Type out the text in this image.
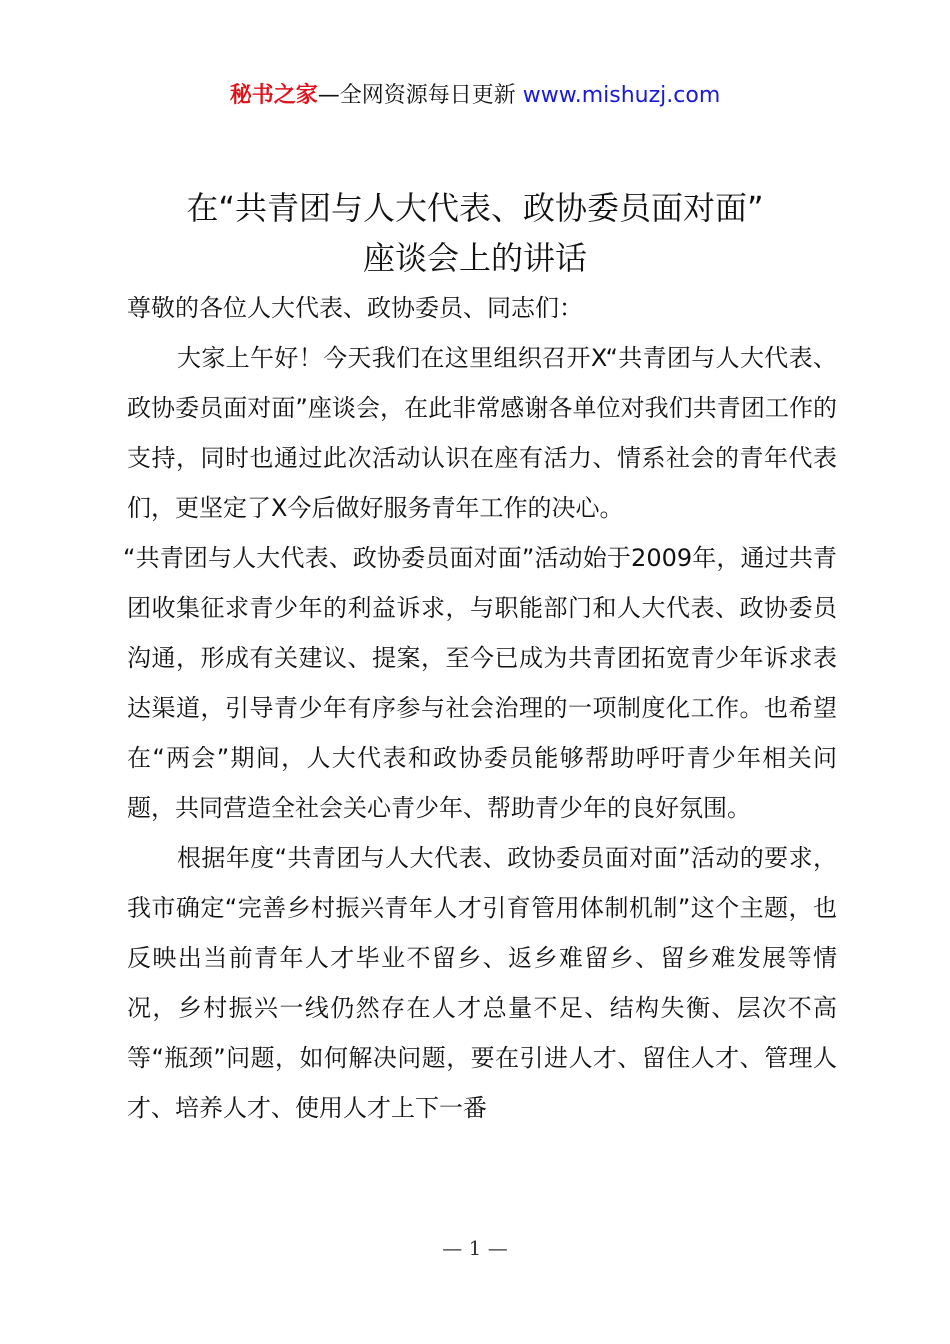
秘书之家—全网资源每日更新 www.mishuzj.com
在“共青团与人大代表、政协委员面对面”
座谈会上的讲话

尊敬的各位人大代表、政协委员、同志们：

大家上午好！今天我们在这里组织召开X“共青团与人大代表、政协委员面对面”座谈会，在此非常感谢各单位对我们共青团工作的支持，同时也通过此次活动认识在座有活力、情系社会的青年代表们，更坚定了X今后做好服务青年工作的决心。

“共青团与人大代表、政协委员面对面”活动始于2009年，通过共青团收集征求青少年的利益诉求，与职能部门和人大代表、政协委员沟通，形成有关建议、提案，至今已成为共青团拓宽青少年诉求表达渠道，引导青少年有序参与社会治理的一项制度化工作。也希望在“两会”期间，人大代表和政协委员能够帮助呼吁青少年相关问题，共同营造全社会关心青少年、帮助青少年的良好氛围。

根据年度“共青团与人大代表、政协委员面对面”活动的要求，我市确定“完善乡村振兴青年人才引育管用体制机制”这个主题，也反映出当前青年人才毕业不留乡、返乡难留乡、留乡难发展等情况，乡村振兴一线仍然存在人才总量不足、结构失衡、层次不高等“瓶颈”问题，如何解决问题，要在引进人才、留住人才、管理人才、培养人才、使用人才上下一番

— 1 —
